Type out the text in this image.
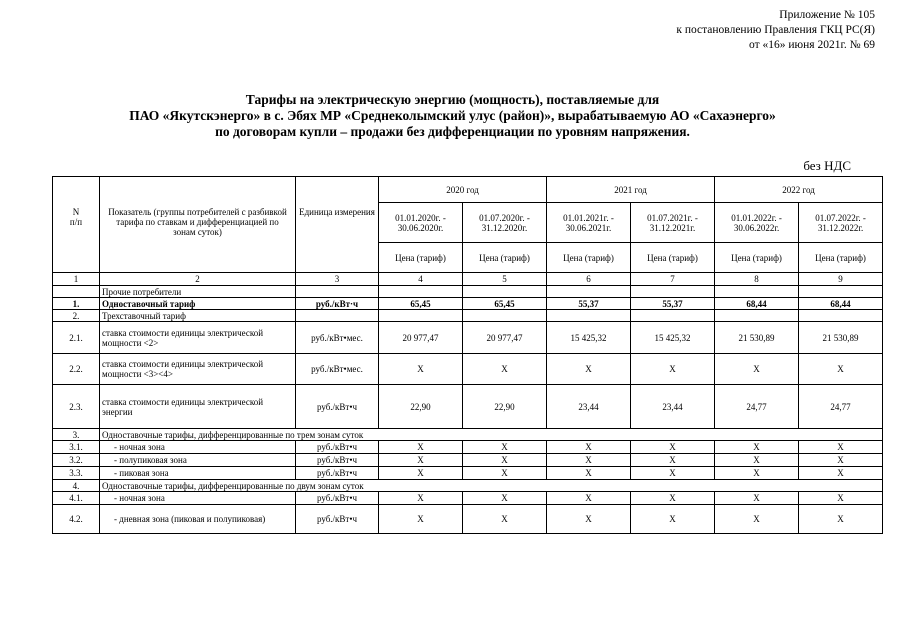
Приложение № 105
к постановлению Правления ГКЦ РС(Я)
от «16» июня 2021г. № 69
Тарифы на электрическую энергию (мощность), поставляемые для
ПАО «Якутскэнерго» в с. Эбях МР «Среднеколымский улус (район)», вырабатываемую АО «Сахаэнерго»
по договорам купли – продажи без дифференциации по уровням напряжения.
без НДС
N
п/п	Показатель (группы потребителей с разбивкой тарифа по ставкам и дифференциацией по зонам суток)	Единица измерения	2020 год		2021 год		2022 год	
			01.01.2020г. - 30.06.2020г.	01.07.2020г. - 31.12.2020г.	01.01.2021г. - 30.06.2021г.	01.07.2021г. - 31.12.2021г.	01.01.2022г. - 30.06.2022г.	01.07.2022г. - 31.12.2022г.
			Цена (тариф)	Цена (тариф)	Цена (тариф)	Цена (тариф)	Цена (тариф)	Цена (тариф)
1	2	3	4	5	6	7	8	9
	Прочие потребители							
1.	Одноставочный тариф	руб./кВт·ч	65,45	65,45	55,37	55,37	68,44	68,44
2.	Трехставочный тариф							
2.1.	ставка стоимости единицы электрической мощности <2>	руб./кВт•мес.	20 977,47	20 977,47	15 425,32	15 425,32	21 530,89	21 530,89
2.2.	ставка стоимости единицы электрической мощности <3><4>	руб./кВт•мес.	Х	Х	Х	Х	Х	Х
2.3.	ставка стоимости единицы электрической энергии	руб./кВт•ч	22,90	22,90	23,44	23,44	24,77	24,77
3.	Одноставочные тарифы, дифференцированные по трем зонам суток							
3.1.	- ночная зона	руб./кВт•ч	Х	Х	Х	Х	Х	Х
3.2.	- полупиковая зона	руб./кВт•ч	Х	Х	Х	Х	Х	Х
3.3.	- пиковая зона	руб./кВт•ч	Х	Х	Х	Х	Х	Х
4.	Одноставочные тарифы, дифференцированные по двум зонам суток							
4.1.	- ночная зона	руб./кВт•ч	Х	Х	Х	Х	Х	Х
4.2.	- дневная зона (пиковая и полупиковая)	руб./кВт•ч	Х	Х	Х	Х	Х	Х
